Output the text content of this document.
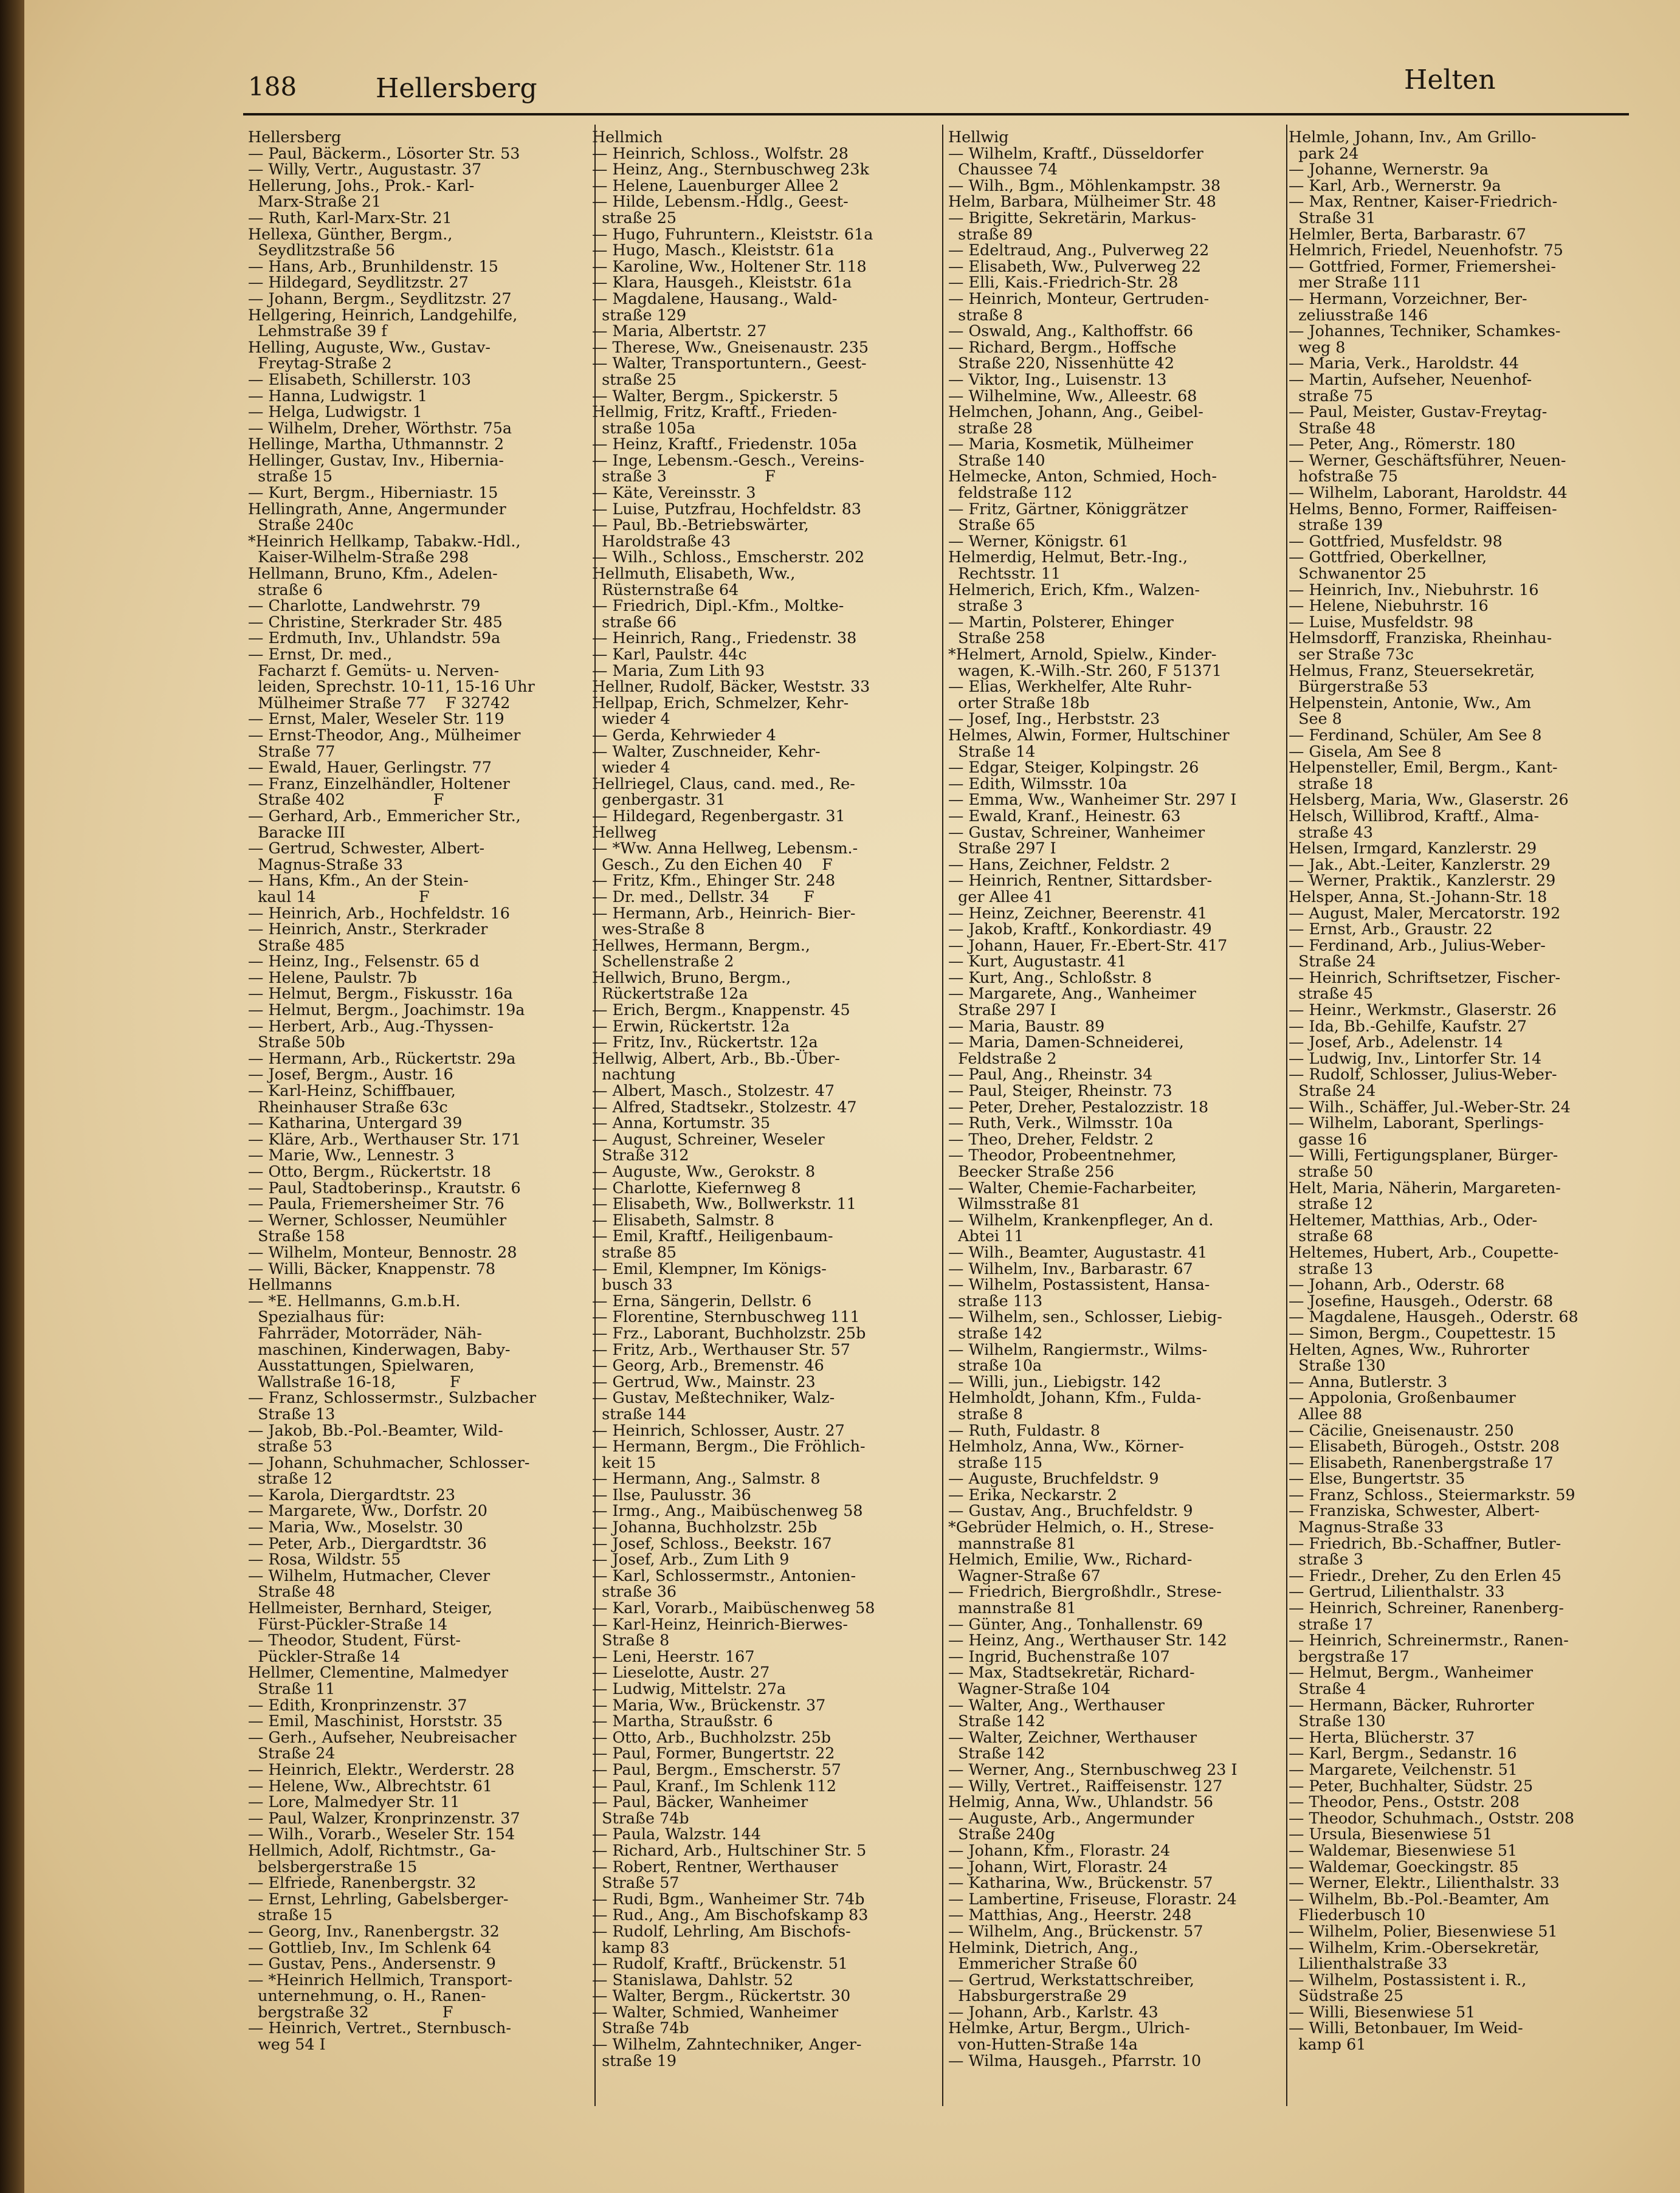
188	Hellersberg	Helten
Hellersberg
— Paul, Bäckerm., Lösorter Str. 53
— Willy, Vertr., Augustastr. 37
Hellerung, Johs., Prok.- Karl-
Marx-Straße 21
— Ruth, Karl-Marx-Str. 21
Hellexa, Günther, Bergm.,
Seydlitzstraße 56
— Hans, Arb., Brunhildenstr. 15
— Hildegard, Seydlitzstr. 27
— Johann, Bergm., Seydlitzstr. 27
Hellgering, Heinrich, Landgehilfe,
Lehmstraße 39 f
Helling, Auguste, Ww., Gustav-
Freytag-Straße 2
— Elisabeth, Schillerstr. 103
— Hanna, Ludwigstr. 1
— Helga, Ludwigstr. 1
— Wilhelm, Dreher, Wörthstr. 75a
Hellinge, Martha, Uthmannstr. 2
Hellinger, Gustav, Inv., Hibernia-
straße 15
— Kurt, Bergm., Hiberniastr. 15
Hellingrath, Anne, Angermunder
Straße 240c
*Heinrich Hellkamp, Tabakw.-Hdl.,
Kaiser-Wilhelm-Straße 298
Hellmann, Bruno, Kfm., Adelen-
straße 6
— Charlotte, Landwehrstr. 79
— Christine, Sterkrader Str. 485
— Erdmuth, Inv., Uhlandstr. 59a
— Ernst, Dr. med.,
Facharzt f. Gemüts- u. Nerven-
leiden, Sprechstr. 10-11, 15-16 Uhr
Mülheimer Straße 77    F 32742
— Ernst, Maler, Weseler Str. 119
— Ernst-Theodor, Ang., Mülheimer
Straße 77
— Ewald, Hauer, Gerlingstr. 77
— Franz, Einzelhändler, Holtener
Straße 402                  F
— Gerhard, Arb., Emmericher Str.,
Baracke III
— Gertrud, Schwester, Albert-
Magnus-Straße 33
— Hans, Kfm., An der Stein-
kaul 14                     F
— Heinrich, Arb., Hochfeldstr. 16
— Heinrich, Anstr., Sterkrader
Straße 485
— Heinz, Ing., Felsenstr. 65 d
— Helene, Paulstr. 7b
— Helmut, Bergm., Fiskusstr. 16a
— Helmut, Bergm., Joachimstr. 19a
— Herbert, Arb., Aug.-Thyssen-
Straße 50b
— Hermann, Arb., Rückertstr. 29a
— Josef, Bergm., Austr. 16
— Karl-Heinz, Schiffbauer,
Rheinhauser Straße 63c
— Katharina, Untergard 39
— Kläre, Arb., Werthauser Str. 171
— Marie, Ww., Lennestr. 3
— Otto, Bergm., Rückertstr. 18
— Paul, Stadtoberinsp., Krautstr. 6
— Paula, Friemersheimer Str. 76
— Werner, Schlosser, Neumühler
Straße 158
— Wilhelm, Monteur, Bennostr. 28
— Willi, Bäcker, Knappenstr. 78
Hellmanns
— *E. Hellmanns, G.m.b.H.
Spezialhaus für:
Fahrräder, Motorräder, Näh-
maschinen, Kinderwagen, Baby-
Ausstattungen, Spielwaren,
Wallstraße 16-18,           F
— Franz, Schlossermstr., Sulzbacher
Straße 13
— Jakob, Bb.-Pol.-Beamter, Wild-
straße 53
— Johann, Schuhmacher, Schlosser-
straße 12
— Karola, Diergardtstr. 23
— Margarete, Ww., Dorfstr. 20
— Maria, Ww., Moselstr. 30
— Peter, Arb., Diergardtstr. 36
— Rosa, Wildstr. 55
— Wilhelm, Hutmacher, Clever
Straße 48
Hellmeister, Bernhard, Steiger,
Fürst-Pückler-Straße 14
— Theodor, Student, Fürst-
Pückler-Straße 14
Hellmer, Clementine, Malmedyer
Straße 11
— Edith, Kronprinzenstr. 37
— Emil, Maschinist, Horststr. 35
— Gerh., Aufseher, Neubreisacher
Straße 24
— Heinrich, Elektr., Werderstr. 28
— Helene, Ww., Albrechtstr. 61
— Lore, Malmedyer Str. 11
— Paul, Walzer, Kronprinzenstr. 37
— Wilh., Vorarb., Weseler Str. 154
Hellmich, Adolf, Richtmstr., Ga-
belsbergerstraße 15
— Elfriede, Ranenbergstr. 32
— Ernst, Lehrling, Gabelsberger-
straße 15
— Georg, Inv., Ranenbergstr. 32
— Gottlieb, Inv., Im Schlenk 64
— Gustav, Pens., Andersenstr. 9
— *Heinrich Hellmich, Transport-
unternehmung, o. H., Ranen-
bergstraße 32               F
— Heinrich, Vertret., Sternbusch-
weg 54 I
Hellmich
— Heinrich, Schloss., Wolfstr. 28
— Heinz, Ang., Sternbuschweg 23k
— Helene, Lauenburger Allee 2
— Hilde, Lebensm.-Hdlg., Geest-
straße 25
— Hugo, Fuhruntern., Kleiststr. 61a
— Hugo, Masch., Kleiststr. 61a
— Karoline, Ww., Holtener Str. 118
— Klara, Hausgeh., Kleiststr. 61a
— Magdalene, Hausang., Wald-
straße 129
— Maria, Albertstr. 27
— Therese, Ww., Gneisenaustr. 235
— Walter, Transportuntern., Geest-
straße 25
— Walter, Bergm., Spickerstr. 5
Hellmig, Fritz, Kraftf., Frieden-
straße 105a
— Heinz, Kraftf., Friedenstr. 105a
— Inge, Lebensm.-Gesch., Vereins-
straße 3                    F
— Käte, Vereinsstr. 3
— Luise, Putzfrau, Hochfeldstr. 83
— Paul, Bb.-Betriebswärter,
Haroldstraße 43
— Wilh., Schloss., Emscherstr. 202
Hellmuth, Elisabeth, Ww.,
Rüsternstraße 64
— Friedrich, Dipl.-Kfm., Moltke-
straße 66
— Heinrich, Rang., Friedenstr. 38
— Karl, Paulstr. 44c
— Maria, Zum Lith 93
Hellner, Rudolf, Bäcker, Weststr. 33
Hellpap, Erich, Schmelzer, Kehr-
wieder 4
— Gerda, Kehrwieder 4
— Walter, Zuschneider, Kehr-
wieder 4
Hellriegel, Claus, cand. med., Re-
genbergastr. 31
— Hildegard, Regenbergastr. 31
Hellweg
— *Ww. Anna Hellweg, Lebensm.-
Gesch., Zu den Eichen 40    F
— Fritz, Kfm., Ehinger Str. 248
— Dr. med., Dellstr. 34       F
— Hermann, Arb., Heinrich- Bier-
wes-Straße 8
Hellwes, Hermann, Bergm.,
Schellenstraße 2
Hellwich, Bruno, Bergm.,
Rückertstraße 12a
— Erich, Bergm., Knappenstr. 45
— Erwin, Rückertstr. 12a
— Fritz, Inv., Rückertstr. 12a
Hellwig, Albert, Arb., Bb.-Über-
nachtung
— Albert, Masch., Stolzestr. 47
— Alfred, Stadtsekr., Stolzestr. 47
— Anna, Kortumstr. 35
— August, Schreiner, Weseler
Straße 312
— Auguste, Ww., Gerokstr. 8
— Charlotte, Kiefernweg 8
— Elisabeth, Ww., Bollwerkstr. 11
— Elisabeth, Salmstr. 8
— Emil, Kraftf., Heiligenbaum-
straße 85
— Emil, Klempner, Im Königs-
busch 33
— Erna, Sängerin, Dellstr. 6
— Florentine, Sternbuschweg 111
— Frz., Laborant, Buchholzstr. 25b
— Fritz, Arb., Werthauser Str. 57
— Georg, Arb., Bremenstr. 46
— Gertrud, Ww., Mainstr. 23
— Gustav, Meßtechniker, Walz-
straße 144
— Heinrich, Schlosser, Austr. 27
— Hermann, Bergm., Die Fröhlich-
keit 15
— Hermann, Ang., Salmstr. 8
— Ilse, Paulusstr. 36
— Irmg., Ang., Maibüschenweg 58
— Johanna, Buchholzstr. 25b
— Josef, Schloss., Beekstr. 167
— Josef, Arb., Zum Lith 9
— Karl, Schlossermstr., Antonien-
straße 36
— Karl, Vorarb., Maibüschenweg 58
— Karl-Heinz, Heinrich-Bierwes-
Straße 8
— Leni, Heerstr. 167
— Lieselotte, Austr. 27
— Ludwig, Mittelstr. 27a
— Maria, Ww., Brückenstr. 37
— Martha, Straußstr. 6
— Otto, Arb., Buchholzstr. 25b
— Paul, Former, Bungertstr. 22
— Paul, Bergm., Emscherstr. 57
— Paul, Kranf., Im Schlenk 112
— Paul, Bäcker, Wanheimer
Straße 74b
— Paula, Walzstr. 144
— Richard, Arb., Hultschiner Str. 5
— Robert, Rentner, Werthauser
Straße 57
— Rudi, Bgm., Wanheimer Str. 74b
— Rud., Ang., Am Bischofskamp 83
— Rudolf, Lehrling, Am Bischofs-
kamp 83
— Rudolf, Kraftf., Brückenstr. 51
— Stanislawa, Dahlstr. 52
— Walter, Bergm., Rückertstr. 30
— Walter, Schmied, Wanheimer
Straße 74b
— Wilhelm, Zahntechniker, Anger-
straße 19
Hellwig
— Wilhelm, Kraftf., Düsseldorfer
Chaussee 74
— Wilh., Bgm., Möhlenkampstr. 38
Helm, Barbara, Mülheimer Str. 48
— Brigitte, Sekretärin, Markus-
straße 89
— Edeltraud, Ang., Pulverweg 22
— Elisabeth, Ww., Pulverweg 22
— Elli, Kais.-Friedrich-Str. 28
— Heinrich, Monteur, Gertruden-
straße 8
— Oswald, Ang., Kalthoffstr. 66
— Richard, Bergm., Hoffsche
Straße 220, Nissenhütte 42
— Viktor, Ing., Luisenstr. 13
— Wilhelmine, Ww., Alleestr. 68
Helmchen, Johann, Ang., Geibel-
straße 28
— Maria, Kosmetik, Mülheimer
Straße 140
Helmecke, Anton, Schmied, Hoch-
feldstraße 112
— Fritz, Gärtner, Königgrätzer
Straße 65
— Werner, Königstr. 61
Helmerdig, Helmut, Betr.-Ing.,
Rechtsstr. 11
Helmerich, Erich, Kfm., Walzen-
straße 3
— Martin, Polsterer, Ehinger
Straße 258
*Helmert, Arnold, Spielw., Kinder-
wagen, K.-Wilh.-Str. 260, F 51371
— Elias, Werkhelfer, Alte Ruhr-
orter Straße 18b
— Josef, Ing., Herbststr. 23
Helmes, Alwin, Former, Hultschiner
Straße 14
— Edgar, Steiger, Kolpingstr. 26
— Edith, Wilmsstr. 10a
— Emma, Ww., Wanheimer Str. 297 I
— Ewald, Kranf., Heinestr. 63
— Gustav, Schreiner, Wanheimer
Straße 297 I
— Hans, Zeichner, Feldstr. 2
— Heinrich, Rentner, Sittardsber-
ger Allee 41
— Heinz, Zeichner, Beerenstr. 41
— Jakob, Kraftf., Konkordiastr. 49
— Johann, Hauer, Fr.-Ebert-Str. 417
— Kurt, Augustastr. 41
— Kurt, Ang., Schloßstr. 8
— Margarete, Ang., Wanheimer
Straße 297 I
— Maria, Baustr. 89
— Maria, Damen-Schneiderei,
Feldstraße 2
— Paul, Ang., Rheinstr. 34
— Paul, Steiger, Rheinstr. 73
— Peter, Dreher, Pestalozzistr. 18
— Ruth, Verk., Wilmsstr. 10a
— Theo, Dreher, Feldstr. 2
— Theodor, Probeentnehmer,
Beecker Straße 256
— Walter, Chemie-Facharbeiter,
Wilmsstraße 81
— Wilhelm, Krankenpfleger, An d.
Abtei 11
— Wilh., Beamter, Augustastr. 41
— Wilhelm, Inv., Barbarastr. 67
— Wilhelm, Postassistent, Hansa-
straße 113
— Wilhelm, sen., Schlosser, Liebig-
straße 142
— Wilhelm, Rangiermstr., Wilms-
straße 10a
— Willi, jun., Liebigstr. 142
Helmholdt, Johann, Kfm., Fulda-
straße 8
— Ruth, Fuldastr. 8
Helmholz, Anna, Ww., Körner-
straße 115
— Auguste, Bruchfeldstr. 9
— Erika, Neckarstr. 2
— Gustav, Ang., Bruchfeldstr. 9
*Gebrüder Helmich, o. H., Strese-
mannstraße 81
Helmich, Emilie, Ww., Richard-
Wagner-Straße 67
— Friedrich, Biergroßhdlr., Strese-
mannstraße 81
— Günter, Ang., Tonhallenstr. 69
— Heinz, Ang., Werthauser Str. 142
— Ingrid, Buchenstraße 107
— Max, Stadtsekretär, Richard-
Wagner-Straße 104
— Walter, Ang., Werthauser
Straße 142
— Walter, Zeichner, Werthauser
Straße 142
— Werner, Ang., Sternbuschweg 23 I
— Willy, Vertret., Raiffeisenstr. 127
Helmig, Anna, Ww., Uhlandstr. 56
— Auguste, Arb., Angermunder
Straße 240g
— Johann, Kfm., Florastr. 24
— Johann, Wirt, Florastr. 24
— Katharina, Ww., Brückenstr. 57
— Lambertine, Friseuse, Florastr. 24
— Matthias, Ang., Heerstr. 248
— Wilhelm, Ang., Brückenstr. 57
Helmink, Dietrich, Ang.,
Emmericher Straße 60
— Gertrud, Werkstattschreiber,
Habsburgerstraße 29
— Johann, Arb., Karlstr. 43
Helmke, Artur, Bergm., Ulrich-
von-Hutten-Straße 14a
— Wilma, Hausgeh., Pfarrstr. 10
Helmle, Johann, Inv., Am Grillo-
park 24
— Johanne, Wernerstr. 9a
— Karl, Arb., Wernerstr. 9a
— Max, Rentner, Kaiser-Friedrich-
Straße 31
Helmler, Berta, Barbarastr. 67
Helmrich, Friedel, Neuenhofstr. 75
— Gottfried, Former, Friemershei-
mer Straße 111
— Hermann, Vorzeichner, Ber-
zeliusstraße 146
— Johannes, Techniker, Schamkes-
weg 8
— Maria, Verk., Haroldstr. 44
— Martin, Aufseher, Neuenhof-
straße 75
— Paul, Meister, Gustav-Freytag-
Straße 48
— Peter, Ang., Römerstr. 180
— Werner, Geschäftsführer, Neuen-
hofstraße 75
— Wilhelm, Laborant, Haroldstr. 44
Helms, Benno, Former, Raiffeisen-
straße 139
— Gottfried, Musfeldstr. 98
— Gottfried, Oberkellner,
Schwanentor 25
— Heinrich, Inv., Niebuhrstr. 16
— Helene, Niebuhrstr. 16
— Luise, Musfeldstr. 98
Helmsdorff, Franziska, Rheinhau-
ser Straße 73c
Helmus, Franz, Steuersekretär,
Bürgerstraße 53
Helpenstein, Antonie, Ww., Am
See 8
— Ferdinand, Schüler, Am See 8
— Gisela, Am See 8
Helpensteller, Emil, Bergm., Kant-
straße 18
Helsberg, Maria, Ww., Glaserstr. 26
Helsch, Willibrod, Kraftf., Alma-
straße 43
Helsen, Irmgard, Kanzlerstr. 29
— Jak., Abt.-Leiter, Kanzlerstr. 29
— Werner, Praktik., Kanzlerstr. 29
Helsper, Anna, St.-Johann-Str. 18
— August, Maler, Mercatorstr. 192
— Ernst, Arb., Graustr. 22
— Ferdinand, Arb., Julius-Weber-
Straße 24
— Heinrich, Schriftsetzer, Fischer-
straße 45
— Heinr., Werkmstr., Glaserstr. 26
— Ida, Bb.-Gehilfe, Kaufstr. 27
— Josef, Arb., Adelenstr. 14
— Ludwig, Inv., Lintorfer Str. 14
— Rudolf, Schlosser, Julius-Weber-
Straße 24
— Wilh., Schäffer, Jul.-Weber-Str. 24
— Wilhelm, Laborant, Sperlings-
gasse 16
— Willi, Fertigungsplaner, Bürger-
straße 50
Helt, Maria, Näherin, Margareten-
straße 12
Heltemer, Matthias, Arb., Oder-
straße 68
Heltemes, Hubert, Arb., Coupette-
straße 13
— Johann, Arb., Oderstr. 68
— Josefine, Hausgeh., Oderstr. 68
— Magdalene, Hausgeh., Oderstr. 68
— Simon, Bergm., Coupettestr. 15
Helten, Agnes, Ww., Ruhrorter
Straße 130
— Anna, Butlerstr. 3
— Appolonia, Großenbaumer
Allee 88
— Cäcilie, Gneisenaustr. 250
— Elisabeth, Bürogeh., Oststr. 208
— Elisabeth, Ranenbergstraße 17
— Else, Bungertstr. 35
— Franz, Schloss., Steiermarkstr. 59
— Franziska, Schwester, Albert-
Magnus-Straße 33
— Friedrich, Bb.-Schaffner, Butler-
straße 3
— Friedr., Dreher, Zu den Erlen 45
— Gertrud, Lilienthalstr. 33
— Heinrich, Schreiner, Ranenberg-
straße 17
— Heinrich, Schreinermstr., Ranen-
bergstraße 17
— Helmut, Bergm., Wanheimer
Straße 4
— Hermann, Bäcker, Ruhrorter
Straße 130
— Herta, Blücherstr. 37
— Karl, Bergm., Sedanstr. 16
— Margarete, Veilchenstr. 51
— Peter, Buchhalter, Südstr. 25
— Theodor, Pens., Oststr. 208
— Theodor, Schuhmach., Oststr. 208
— Ursula, Biesenwiese 51
— Waldemar, Biesenwiese 51
— Waldemar, Goeckingstr. 85
— Werner, Elektr., Lilienthalstr. 33
— Wilhelm, Bb.-Pol.-Beamter, Am
Fliederbusch 10
— Wilhelm, Polier, Biesenwiese 51
— Wilhelm, Krim.-Obersekretär,
Lilienthalstraße 33
— Wilhelm, Postassistent i. R.,
Südstraße 25
— Willi, Biesenwiese 51
— Willi, Betonbauer, Im Weid-
kamp 61
